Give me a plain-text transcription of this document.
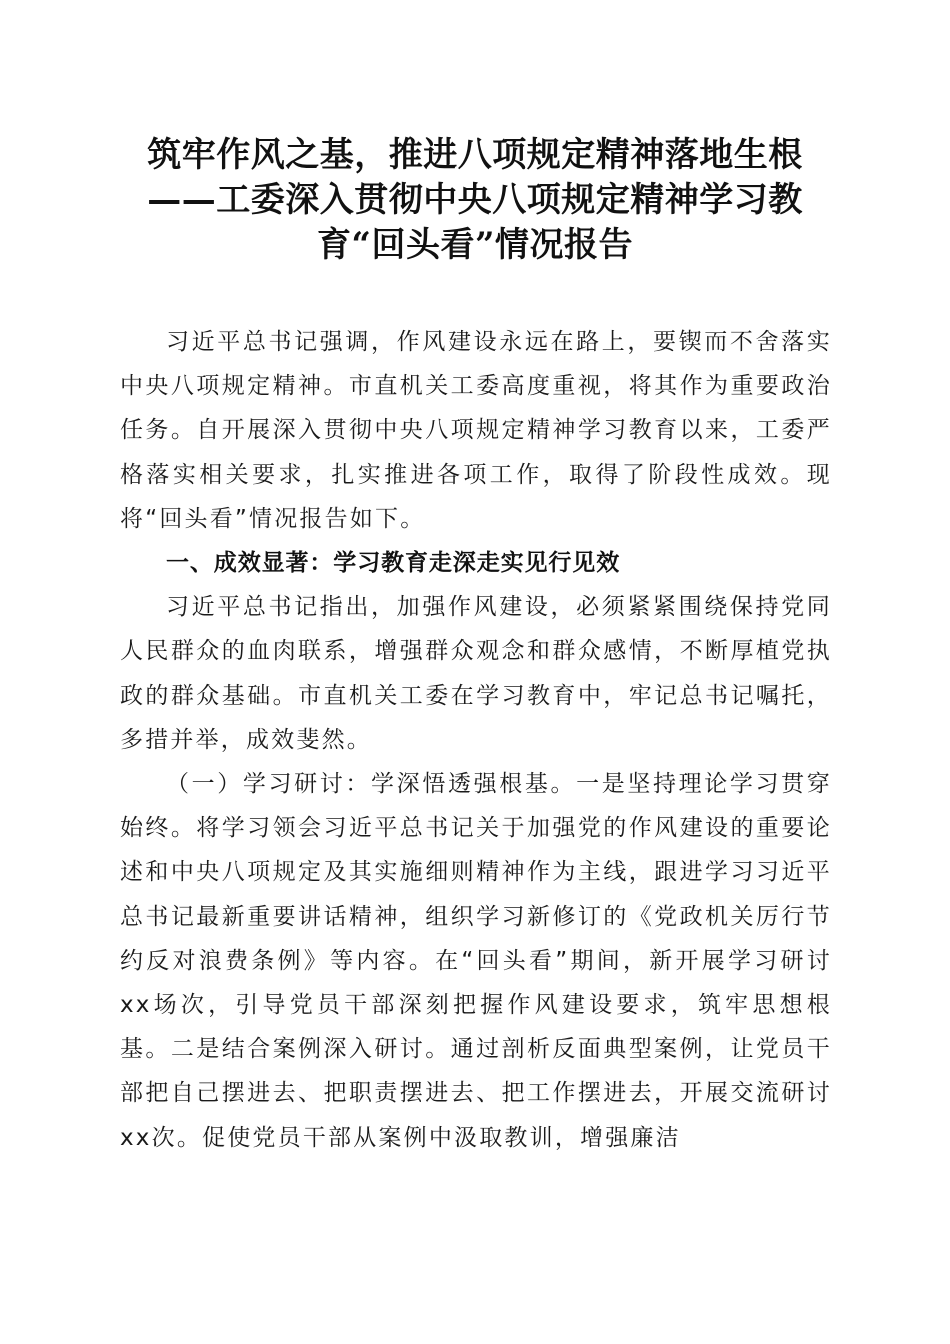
筑牢作风之基，推进八项规定精神落地生根
——工委深入贯彻中央八项规定精神学习教
育“回头看”情况报告

习近平总书记强调，作风建设永远在路上，要锲而不舍落实中央八项规定精神。市直机关工委高度重视，将其作为重要政治任务。自开展深入贯彻中央八项规定精神学习教育以来，工委严格落实相关要求，扎实推进各项工作，取得了阶段性成效。现将“回头看”情况报告如下。

一、成效显著：学习教育走深走实见行见效

习近平总书记指出，加强作风建设，必须紧紧围绕保持党同人民群众的血肉联系，增强群众观念和群众感情，不断厚植党执政的群众基础。市直机关工委在学习教育中，牢记总书记嘱托，多措并举，成效斐然。

（一）学习研讨：学深悟透强根基。一是坚持理论学习贯穿始终。将学习领会习近平总书记关于加强党的作风建设的重要论述和中央八项规定及其实施细则精神作为主线，跟进学习习近平总书记最新重要讲话精神，组织学习新修订的《党政机关厉行节约反对浪费条例》等内容。在“回头看”期间，新开展学习研讨xx场次，引导党员干部深刻把握作风建设要求，筑牢思想根基。二是结合案例深入研讨。通过剖析反面典型案例，让党员干部把自己摆进去、把职责摆进去、把工作摆进去，开展交流研讨xx次。促使党员干部从案例中汲取教训，增强廉洁
